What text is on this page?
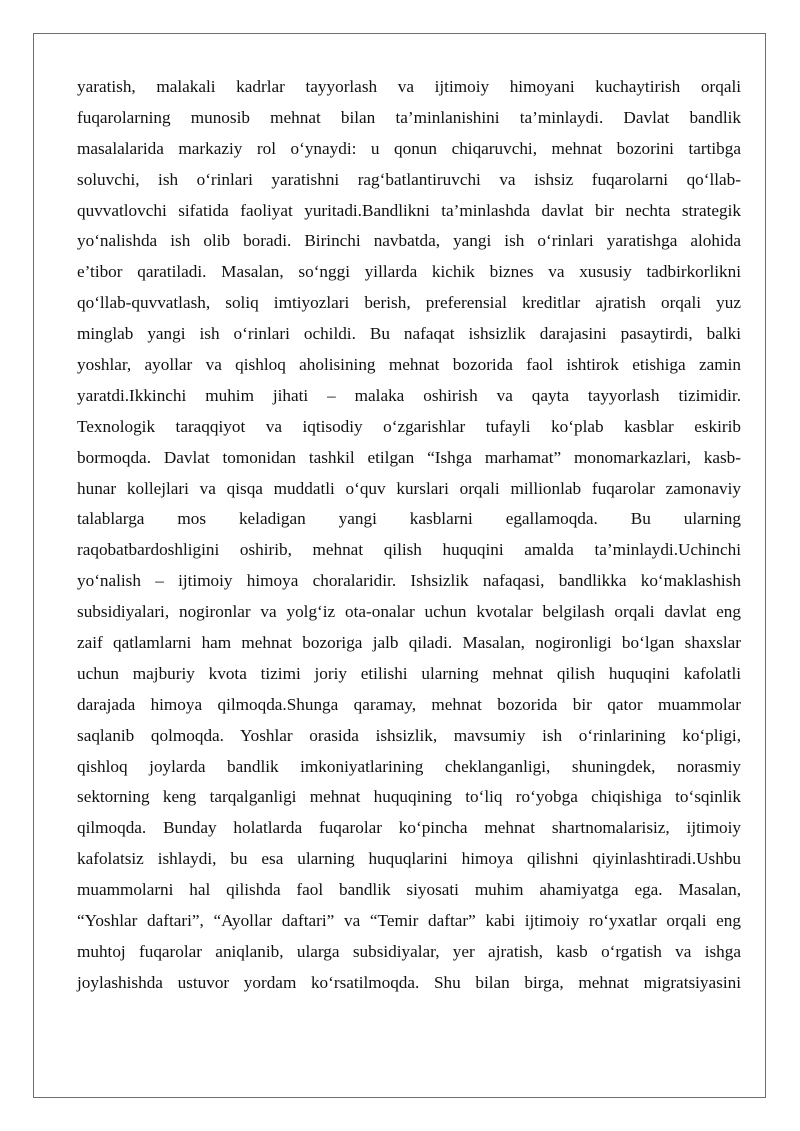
yaratish, malakali kadrlar tayyorlash va ijtimoiy himoyani kuchaytirish orqali
fuqarolarning munosib mehnat bilan ta’minlanishini ta’minlaydi. Davlat bandlik
masalalarida markaziy rol o‘ynaydi: u qonun chiqaruvchi, mehnat bozorini tartibga
soluvchi, ish o‘rinlari yaratishni rag‘batlantiruvchi va ishsiz fuqarolarni qo‘llab-
quvvatlovchi sifatida faoliyat yuritadi.Bandlikni ta’minlashda davlat bir nechta strategik
yo‘nalishda ish olib boradi. Birinchi navbatda, yangi ish o‘rinlari yaratishga alohida
e’tibor qaratiladi. Masalan, so‘nggi yillarda kichik biznes va xususiy tadbirkorlikni
qo‘llab-quvvatlash, soliq imtiyozlari berish, preferensial kreditlar ajratish orqali yuz
minglab yangi ish o‘rinlari ochildi. Bu nafaqat ishsizlik darajasini pasaytirdi, balki
yoshlar, ayollar va qishloq aholisining mehnat bozorida faol ishtirok etishiga zamin
yaratdi.Ikkinchi muhim jihati – malaka oshirish va qayta tayyorlash tizimidir.
Texnologik taraqqiyot va iqtisodiy o‘zgarishlar tufayli ko‘plab kasblar eskirib
bormoqda. Davlat tomonidan tashkil etilgan “Ishga marhamat” monomarkazlari, kasb-
hunar kollejlari va qisqa muddatli o‘quv kurslari orqali millionlab fuqarolar zamonaviy
talablarga mos keladigan yangi kasblarni egallamoqda. Bu ularning
raqobatbardoshligini oshirib, mehnat qilish huquqini amalda ta’minlaydi.Uchinchi
yo‘nalish – ijtimoiy himoya choralaridir. Ishsizlik nafaqasi, bandlikka ko‘maklashish
subsidiyalari, nogironlar va yolg‘iz ota-onalar uchun kvotalar belgilash orqali davlat eng
zaif qatlamlarni ham mehnat bozoriga jalb qiladi. Masalan, nogironligi bo‘lgan shaxslar
uchun majburiy kvota tizimi joriy etilishi ularning mehnat qilish huquqini kafolatli
darajada himoya qilmoqda.Shunga qaramay, mehnat bozorida bir qator muammolar
saqlanib qolmoqda. Yoshlar orasida ishsizlik, mavsumiy ish o‘rinlarining ko‘pligi,
qishloq joylarda bandlik imkoniyatlarining cheklanganligi, shuningdek, norasmiy
sektorning keng tarqalganligi mehnat huquqining to‘liq ro‘yobga chiqishiga to‘sqinlik
qilmoqda. Bunday holatlarda fuqarolar ko‘pincha mehnat shartnomalarisiz, ijtimoiy
kafolatsiz ishlaydi, bu esa ularning huquqlarini himoya qilishni qiyinlashtiradi.Ushbu
muammolarni hal qilishda faol bandlik siyosati muhim ahamiyatga ega. Masalan,
“Yoshlar daftari”, “Ayollar daftari” va “Temir daftar” kabi ijtimoiy ro‘yxatlar orqali eng
muhtoj fuqarolar aniqlanib, ularga subsidiyalar, yer ajratish, kasb o‘rgatish va ishga
joylashishda ustuvor yordam ko‘rsatilmoqda. Shu bilan birga, mehnat migratsiyasini
